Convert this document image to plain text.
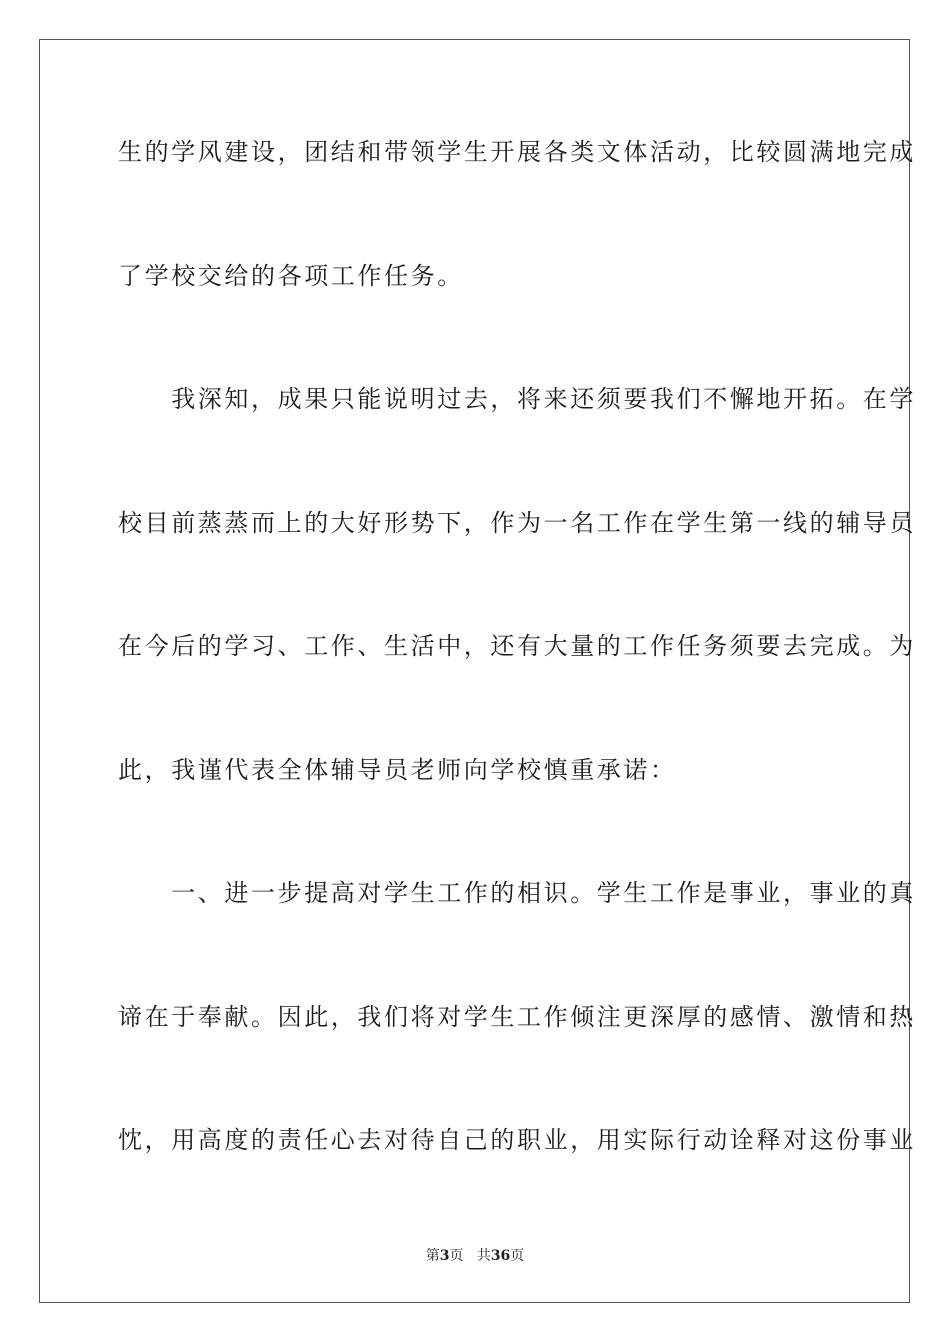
生的学风建设，团结和带领学生开展各类文体活动，比较圆满地完成
了学校交给的各项工作任务。
　　我深知，成果只能说明过去，将来还须要我们不懈地开拓。在学
校目前蒸蒸而上的大好形势下，作为一名工作在学生第一线的辅导员
在今后的学习、工作、生活中，还有大量的工作任务须要去完成。为
此，我谨代表全体辅导员老师向学校慎重承诺：
　　一、进一步提高对学生工作的相识。学生工作是事业，事业的真
谛在于奉献。因此，我们将对学生工作倾注更深厚的感情、激情和热
忱，用高度的责任心去对待自己的职业，用实际行动诠释对这份事业
第3页 共36页
